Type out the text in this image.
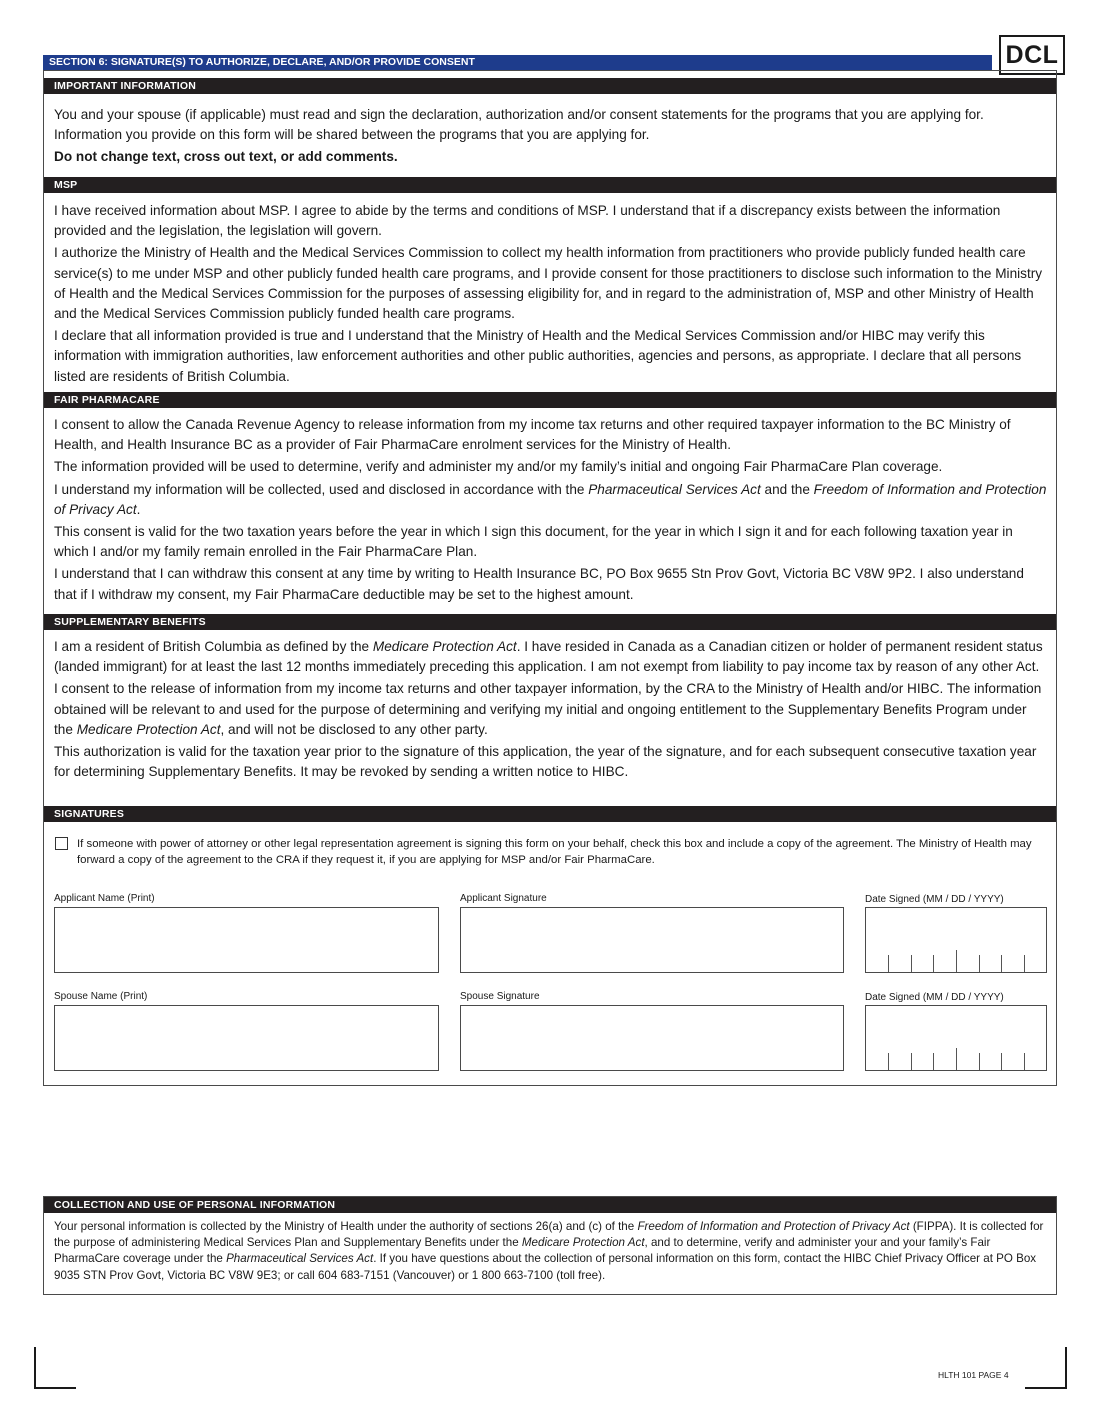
DCL
SECTION 6: SIGNATURE(S) TO AUTHORIZE, DECLARE, AND/OR PROVIDE CONSENT
IMPORTANT INFORMATION

You and your spouse (if applicable) must read and sign the declaration, authorization and/or consent statements for the programs that you are applying for. Information you provide on this form will be shared between the programs that you are applying for.

Do not change text, cross out text, or add comments.

MSP

I have received information about MSP. I agree to abide by the terms and conditions of MSP. I understand that if a discrepancy exists between the information provided and the legislation, the legislation will govern.

I authorize the Ministry of Health and the Medical Services Commission to collect my health information from practitioners who provide publicly funded health care service(s) to me under MSP and other publicly funded health care programs, and I provide consent for those practitioners to disclose such information to the Ministry of Health and the Medical Services Commission for the purposes of assessing eligibility for, and in regard to the administration of, MSP and other Ministry of Health and the Medical Services Commission publicly funded health care programs.

I declare that all information provided is true and I understand that the Ministry of Health and the Medical Services Commission and/or HIBC may verify this information with immigration authorities, law enforcement authorities and other public authorities, agencies and persons, as appropriate. I declare that all persons listed are residents of British Columbia.

FAIR PHARMACARE

I consent to allow the Canada Revenue Agency to release information from my income tax returns and other required taxpayer information to the BC Ministry of Health, and Health Insurance BC as a provider of Fair PharmaCare enrolment services for the Ministry of Health.

The information provided will be used to determine, verify and administer my and/or my family’s initial and ongoing Fair PharmaCare Plan coverage.

I understand my information will be collected, used and disclosed in accordance with the Pharmaceutical Services Act and the Freedom of Information and Protection of Privacy Act.

This consent is valid for the two taxation years before the year in which I sign this document, for the year in which I sign it and for each following taxation year in which I and/or my family remain enrolled in the Fair PharmaCare Plan.

I understand that I can withdraw this consent at any time by writing to Health Insurance BC, PO Box 9655 Stn Prov Govt, Victoria BC V8W 9P2. I also understand that if I withdraw my consent, my Fair PharmaCare deductible may be set to the highest amount.

SUPPLEMENTARY BENEFITS

I am a resident of British Columbia as defined by the Medicare Protection Act. I have resided in Canada as a Canadian citizen or holder of permanent resident status (landed immigrant) for at least the last 12 months immediately preceding this application. I am not exempt from liability to pay income tax by reason of any other Act.

I consent to the release of information from my income tax returns and other taxpayer information, by the CRA to the Ministry of Health and/or HIBC. The information obtained will be relevant to and used for the purpose of determining and verifying my initial and ongoing entitlement to the Supplementary Benefits Program under the Medicare Protection Act, and will not be disclosed to any other party.

This authorization is valid for the taxation year prior to the signature of this application, the year of the signature, and for each subsequent consecutive taxation year for determining Supplementary Benefits. It may be revoked by sending a written notice to HIBC.

SIGNATURES
If someone with power of attorney or other legal representation agreement is signing this form on your behalf, check this box and include a copy of the agreement. The Ministry of Health may forward a copy of the agreement to the CRA if they request it, if you are applying for MSP and/or Fair PharmaCare.
Applicant Name (Print)	Applicant Signature	Date Signed (MM / DD / YYYY)
Spouse Name (Print)	Spouse Signature	Date Signed (MM / DD / YYYY)
COLLECTION AND USE OF PERSONAL INFORMATION
Your personal information is collected by the Ministry of Health under the authority of sections 26(a) and (c) of the Freedom of Information and Protection of Privacy Act (FIPPA). It is collected for the purpose of administering Medical Services Plan and Supplementary Benefits under the Medicare Protection Act, and to determine, verify and administer your and your family’s Fair PharmaCare coverage under the Pharmaceutical Services Act. If you have questions about the collection of personal information on this form, contact the HIBC Chief Privacy Officer at PO Box 9035 STN Prov Govt, Victoria BC V8W 9E3; or call 604 683-7151 (Vancouver) or 1 800 663-7100 (toll free).
HLTH 101 PAGE 4
